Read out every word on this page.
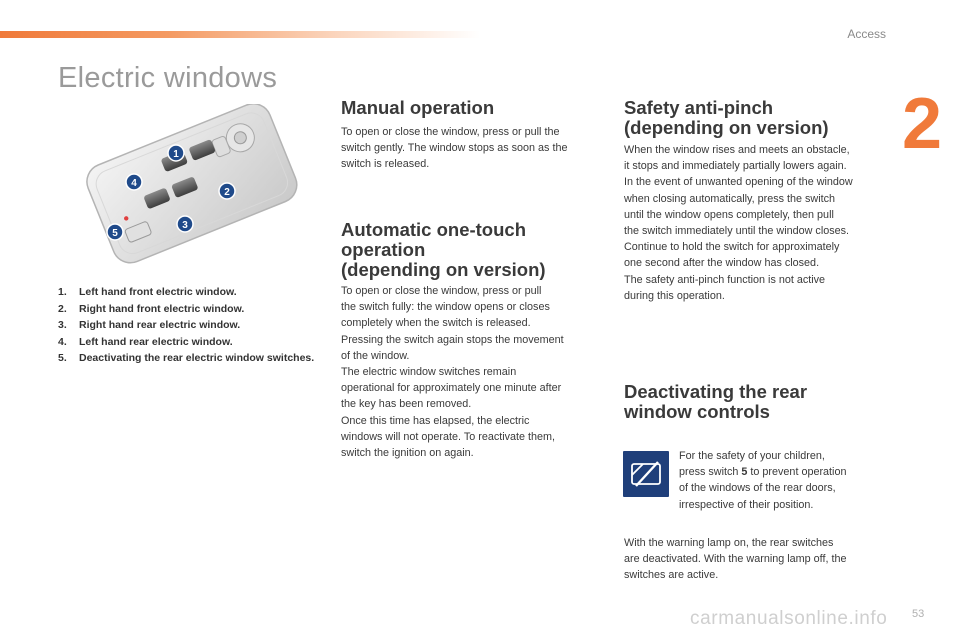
Access
2
Electric windows
1
2
3
4
5
1.	Left hand front electric window.
2.	Right hand front electric window.
3.	Right hand rear electric window.
4.	Left hand rear electric window.
5.	Deactivating the rear electric window switches.
Manual operation
To open or close the window, press or pull the
switch gently. The window stops as soon as the
switch is released.
Automatic one-touch
operation
(depending on version)
To open or close the window, press or pull
the switch fully: the window opens or closes
completely when the switch is released.
Pressing the switch again stops the movement
of the window.
The electric window switches remain
operational for approximately one minute after
the key has been removed.
Once this time has elapsed, the electric
windows will not operate. To reactivate them,
switch the ignition on again.
Safety anti-pinch
(depending on version)
When the window rises and meets an obstacle,
it stops and immediately partially lowers again.
In the event of unwanted opening of the window
when closing automatically, press the switch
until the window opens completely, then pull
the switch immediately until the window closes.
Continue to hold the switch for approximately
one second after the window has closed.
The safety anti-pinch function is not active
during this operation.
Deactivating the rear
window controls
For the safety of your children,
press switch 5 to prevent operation
of the windows of the rear doors,
irrespective of their position.
With the warning lamp on, the rear switches
are deactivated. With the warning lamp off, the
switches are active.
carmanualsonline.info 53
